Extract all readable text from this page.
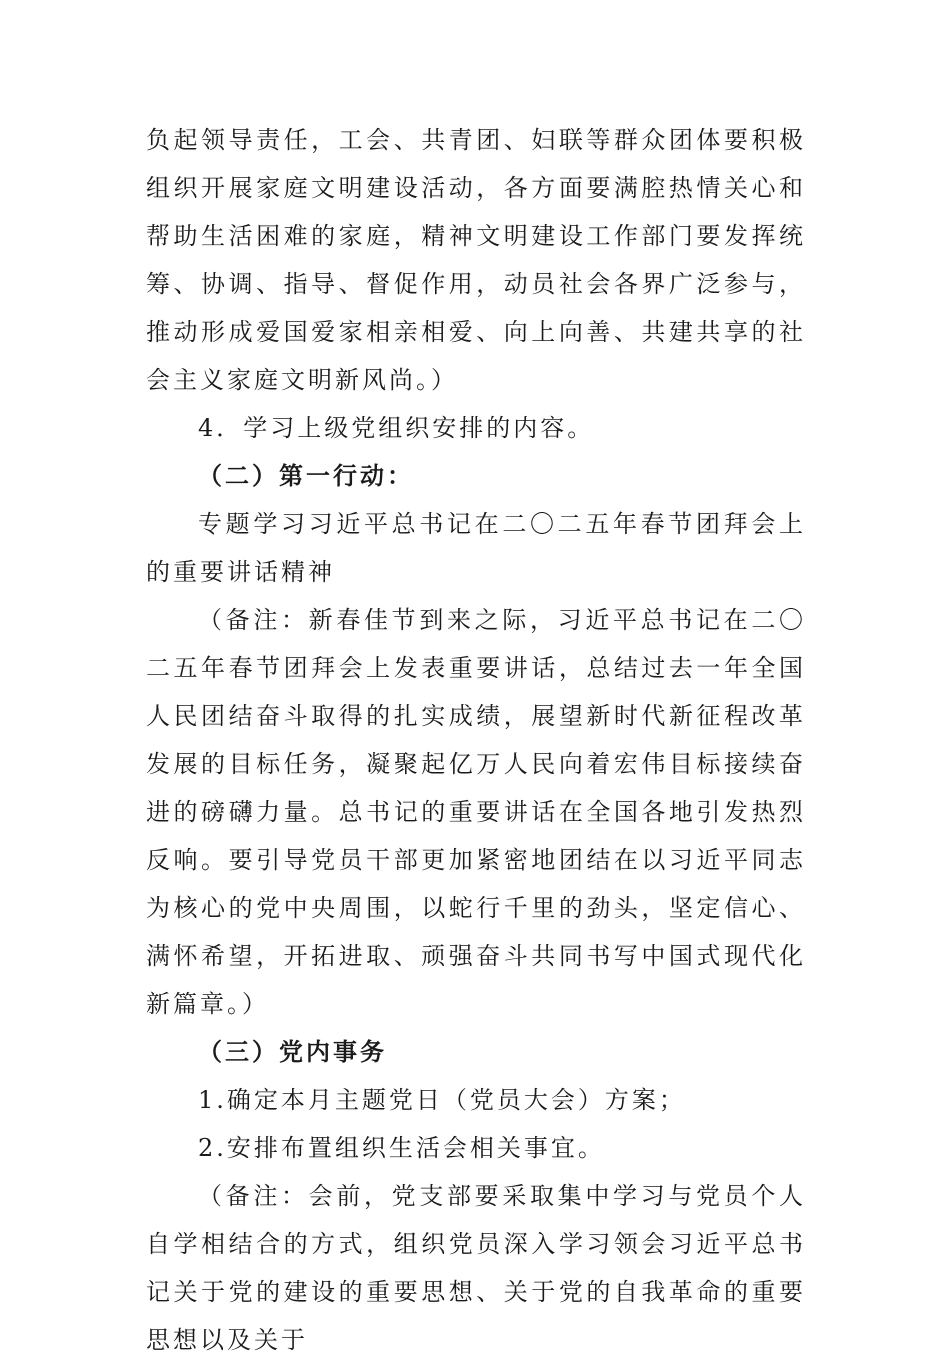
负起领导责任，工会、共青团、妇联等群众团体要积极组织开展家庭文明建设活动，各方面要满腔热情关心和帮助生活困难的家庭，精神文明建设工作部门要发挥统筹、协调、指导、督促作用，动员社会各界广泛参与，推动形成爱国爱家相亲相爱、向上向善、共建共享的社会主义家庭文明新风尚。）

4．学习上级党组织安排的内容。

（二）第一行动：

专题学习习近平总书记在二〇二五年春节团拜会上的重要讲话精神

（备注：新春佳节到来之际，习近平总书记在二〇二五年春节团拜会上发表重要讲话，总结过去一年全国人民团结奋斗取得的扎实成绩，展望新时代新征程改革发展的目标任务，凝聚起亿万人民向着宏伟目标接续奋进的磅礴力量。总书记的重要讲话在全国各地引发热烈反响。要引导党员干部更加紧密地团结在以习近平同志为核心的党中央周围，以蛇行千里的劲头，坚定信心、满怀希望，开拓进取、顽强奋斗共同书写中国式现代化新篇章。）

（三）党内事务

1.确定本月主题党日（党员大会）方案；

2.安排布置组织生活会相关事宜。

（备注：会前，党支部要采取集中学习与党员个人自学相结合的方式，组织党员深入学习领会习近平总书记关于党的建设的重要思想、关于党的自我革命的重要思想以及关于
